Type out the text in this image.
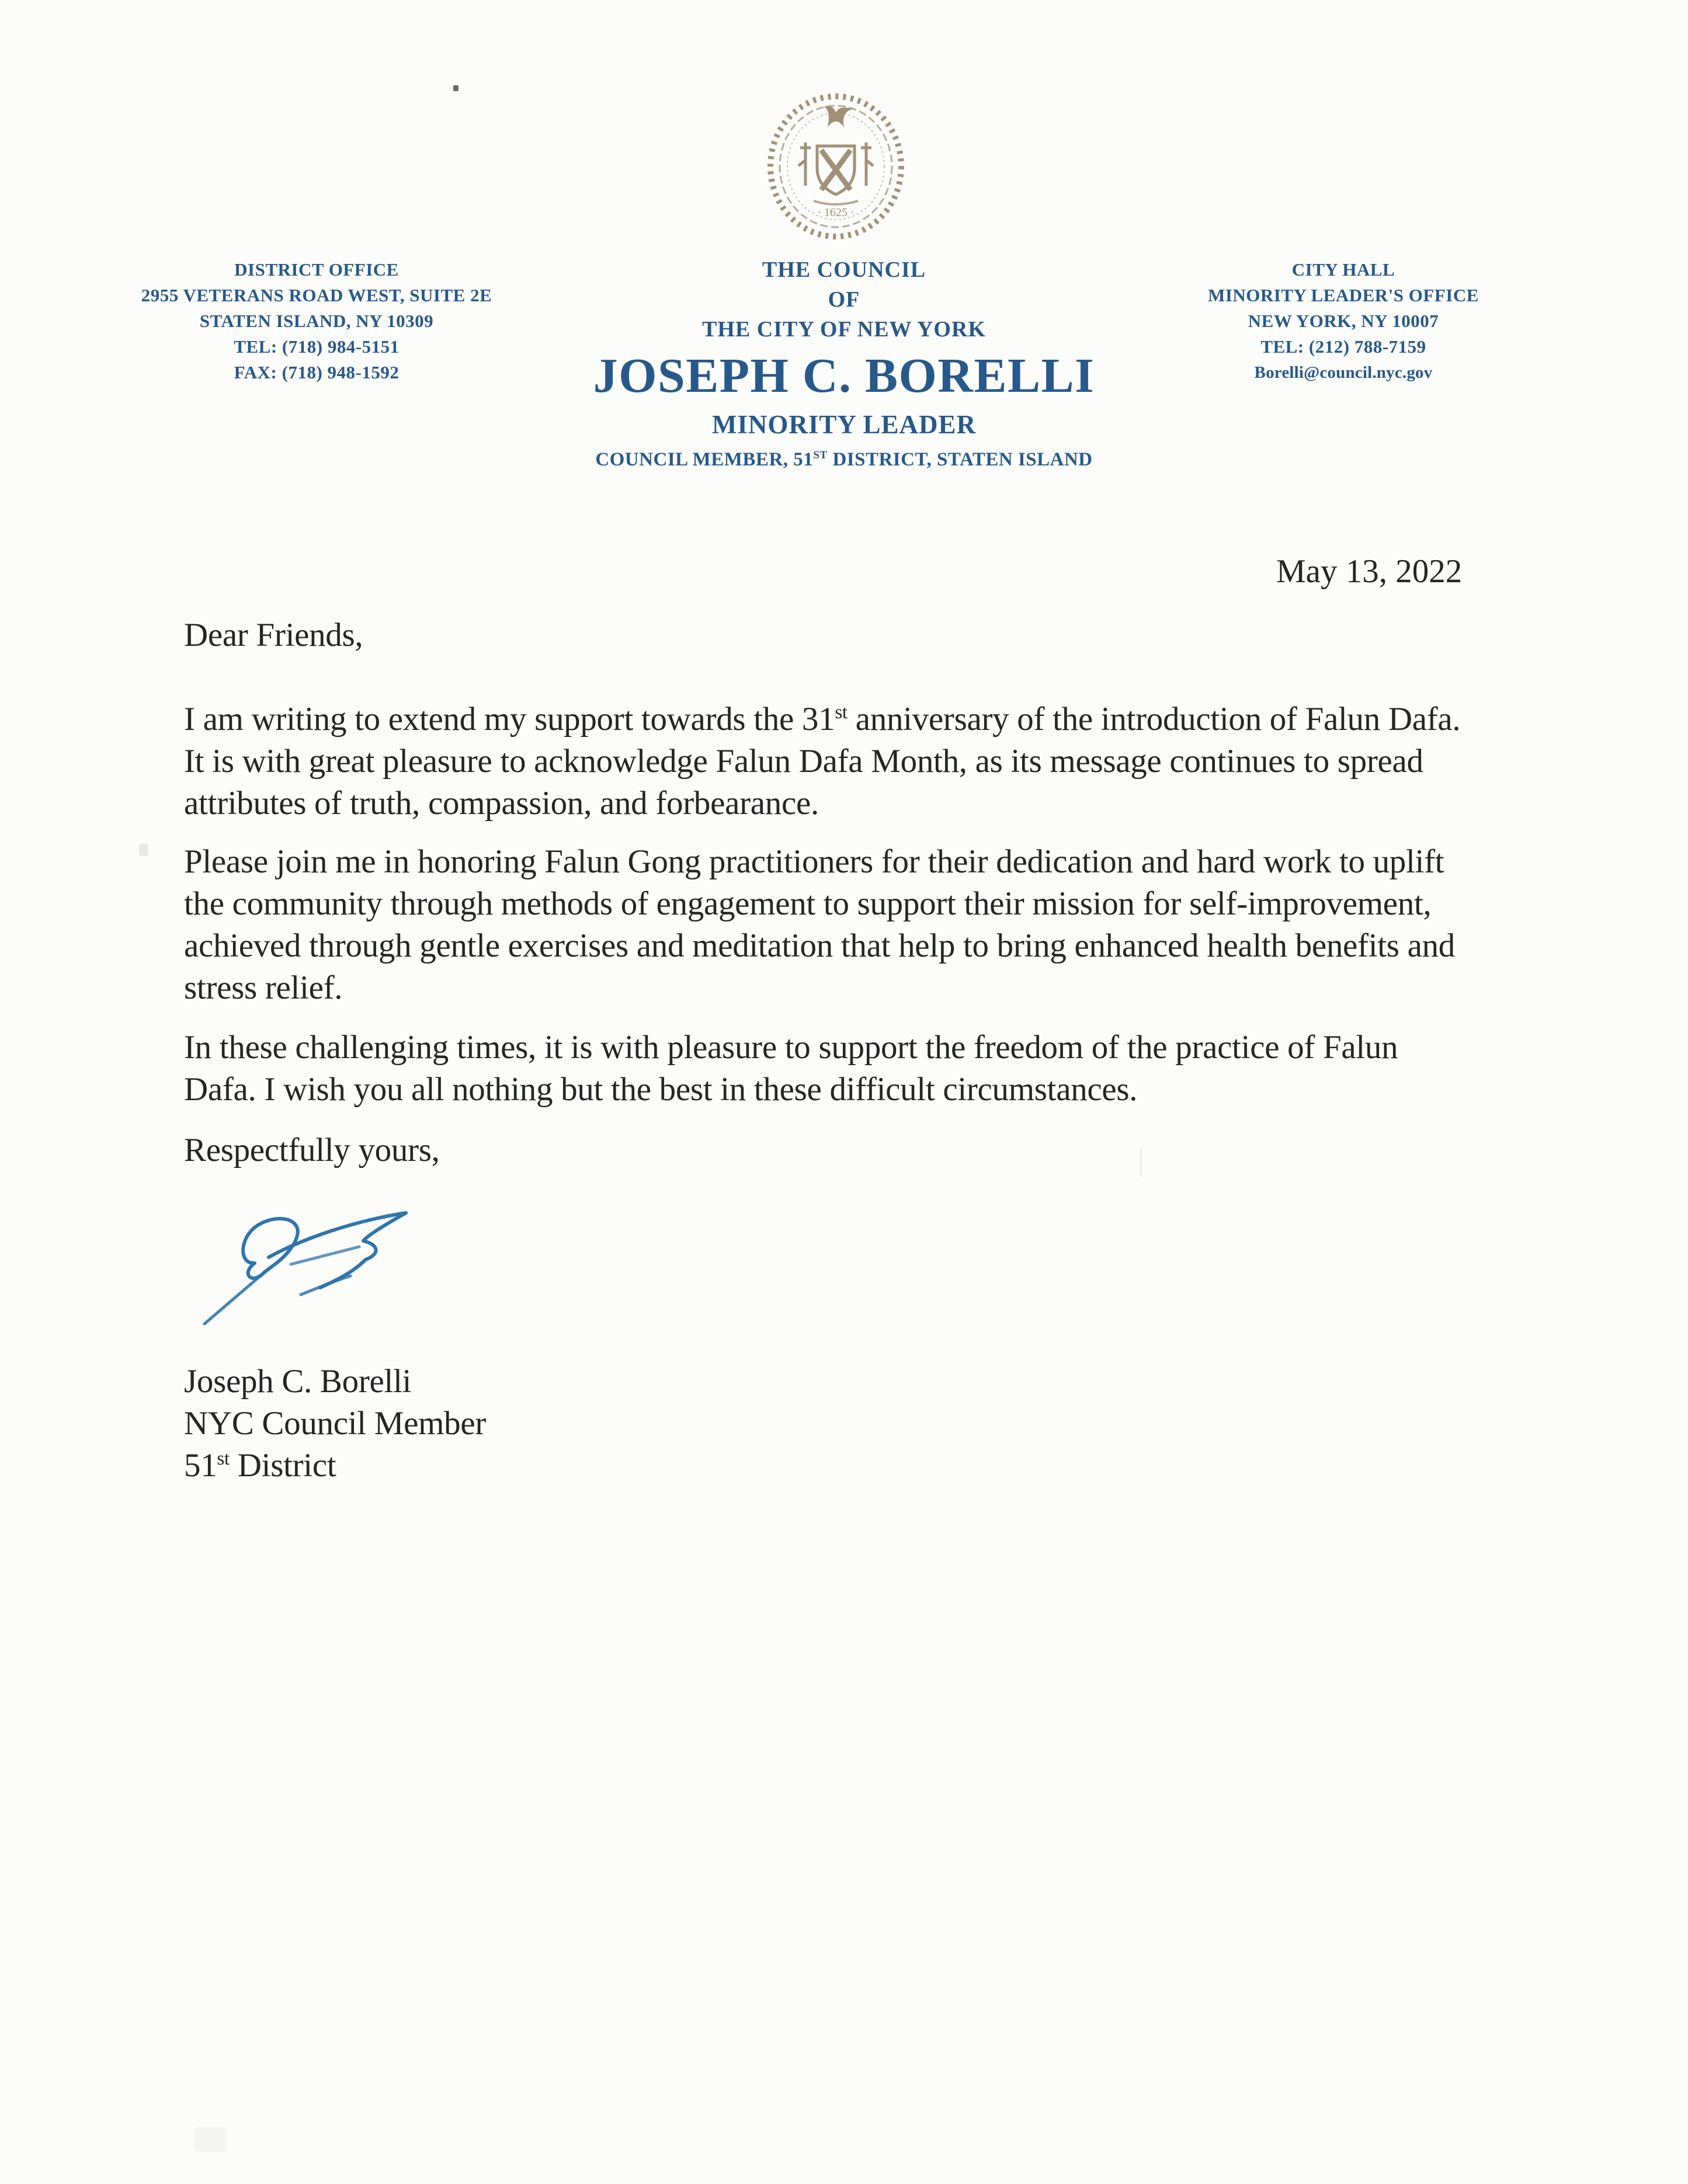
· 1625 ·
DISTRICT OFFICE
2955 VETERANS ROAD WEST, SUITE 2E
STATEN ISLAND, NY 10309
TEL: (718) 984-5151
FAX: (718) 948-1592
THE COUNCIL
OF
THE CITY OF NEW YORK
JOSEPH C. BORELLI
MINORITY LEADER
COUNCIL MEMBER, 51ST DISTRICT, STATEN ISLAND
CITY HALL
MINORITY LEADER'S OFFICE
NEW YORK, NY 10007
TEL: (212) 788-7159
Borelli@council.nyc.gov
May 13, 2022
Dear Friends,
I am writing to extend my support towards the 31st anniversary of the introduction of Falun Dafa.
It is with great pleasure to acknowledge Falun Dafa Month, as its message continues to spread
attributes of truth, compassion, and forbearance.
Please join me in honoring Falun Gong practitioners for their dedication and hard work to uplift
the community through methods of engagement to support their mission for self-improvement,
achieved through gentle exercises and meditation that help to bring enhanced health benefits and
stress relief.
In these challenging times, it is with pleasure to support the freedom of the practice of Falun
Dafa. I wish you all nothing but the best in these difficult circumstances.
Respectfully yours,
Joseph C. Borelli
NYC Council Member
51st District
